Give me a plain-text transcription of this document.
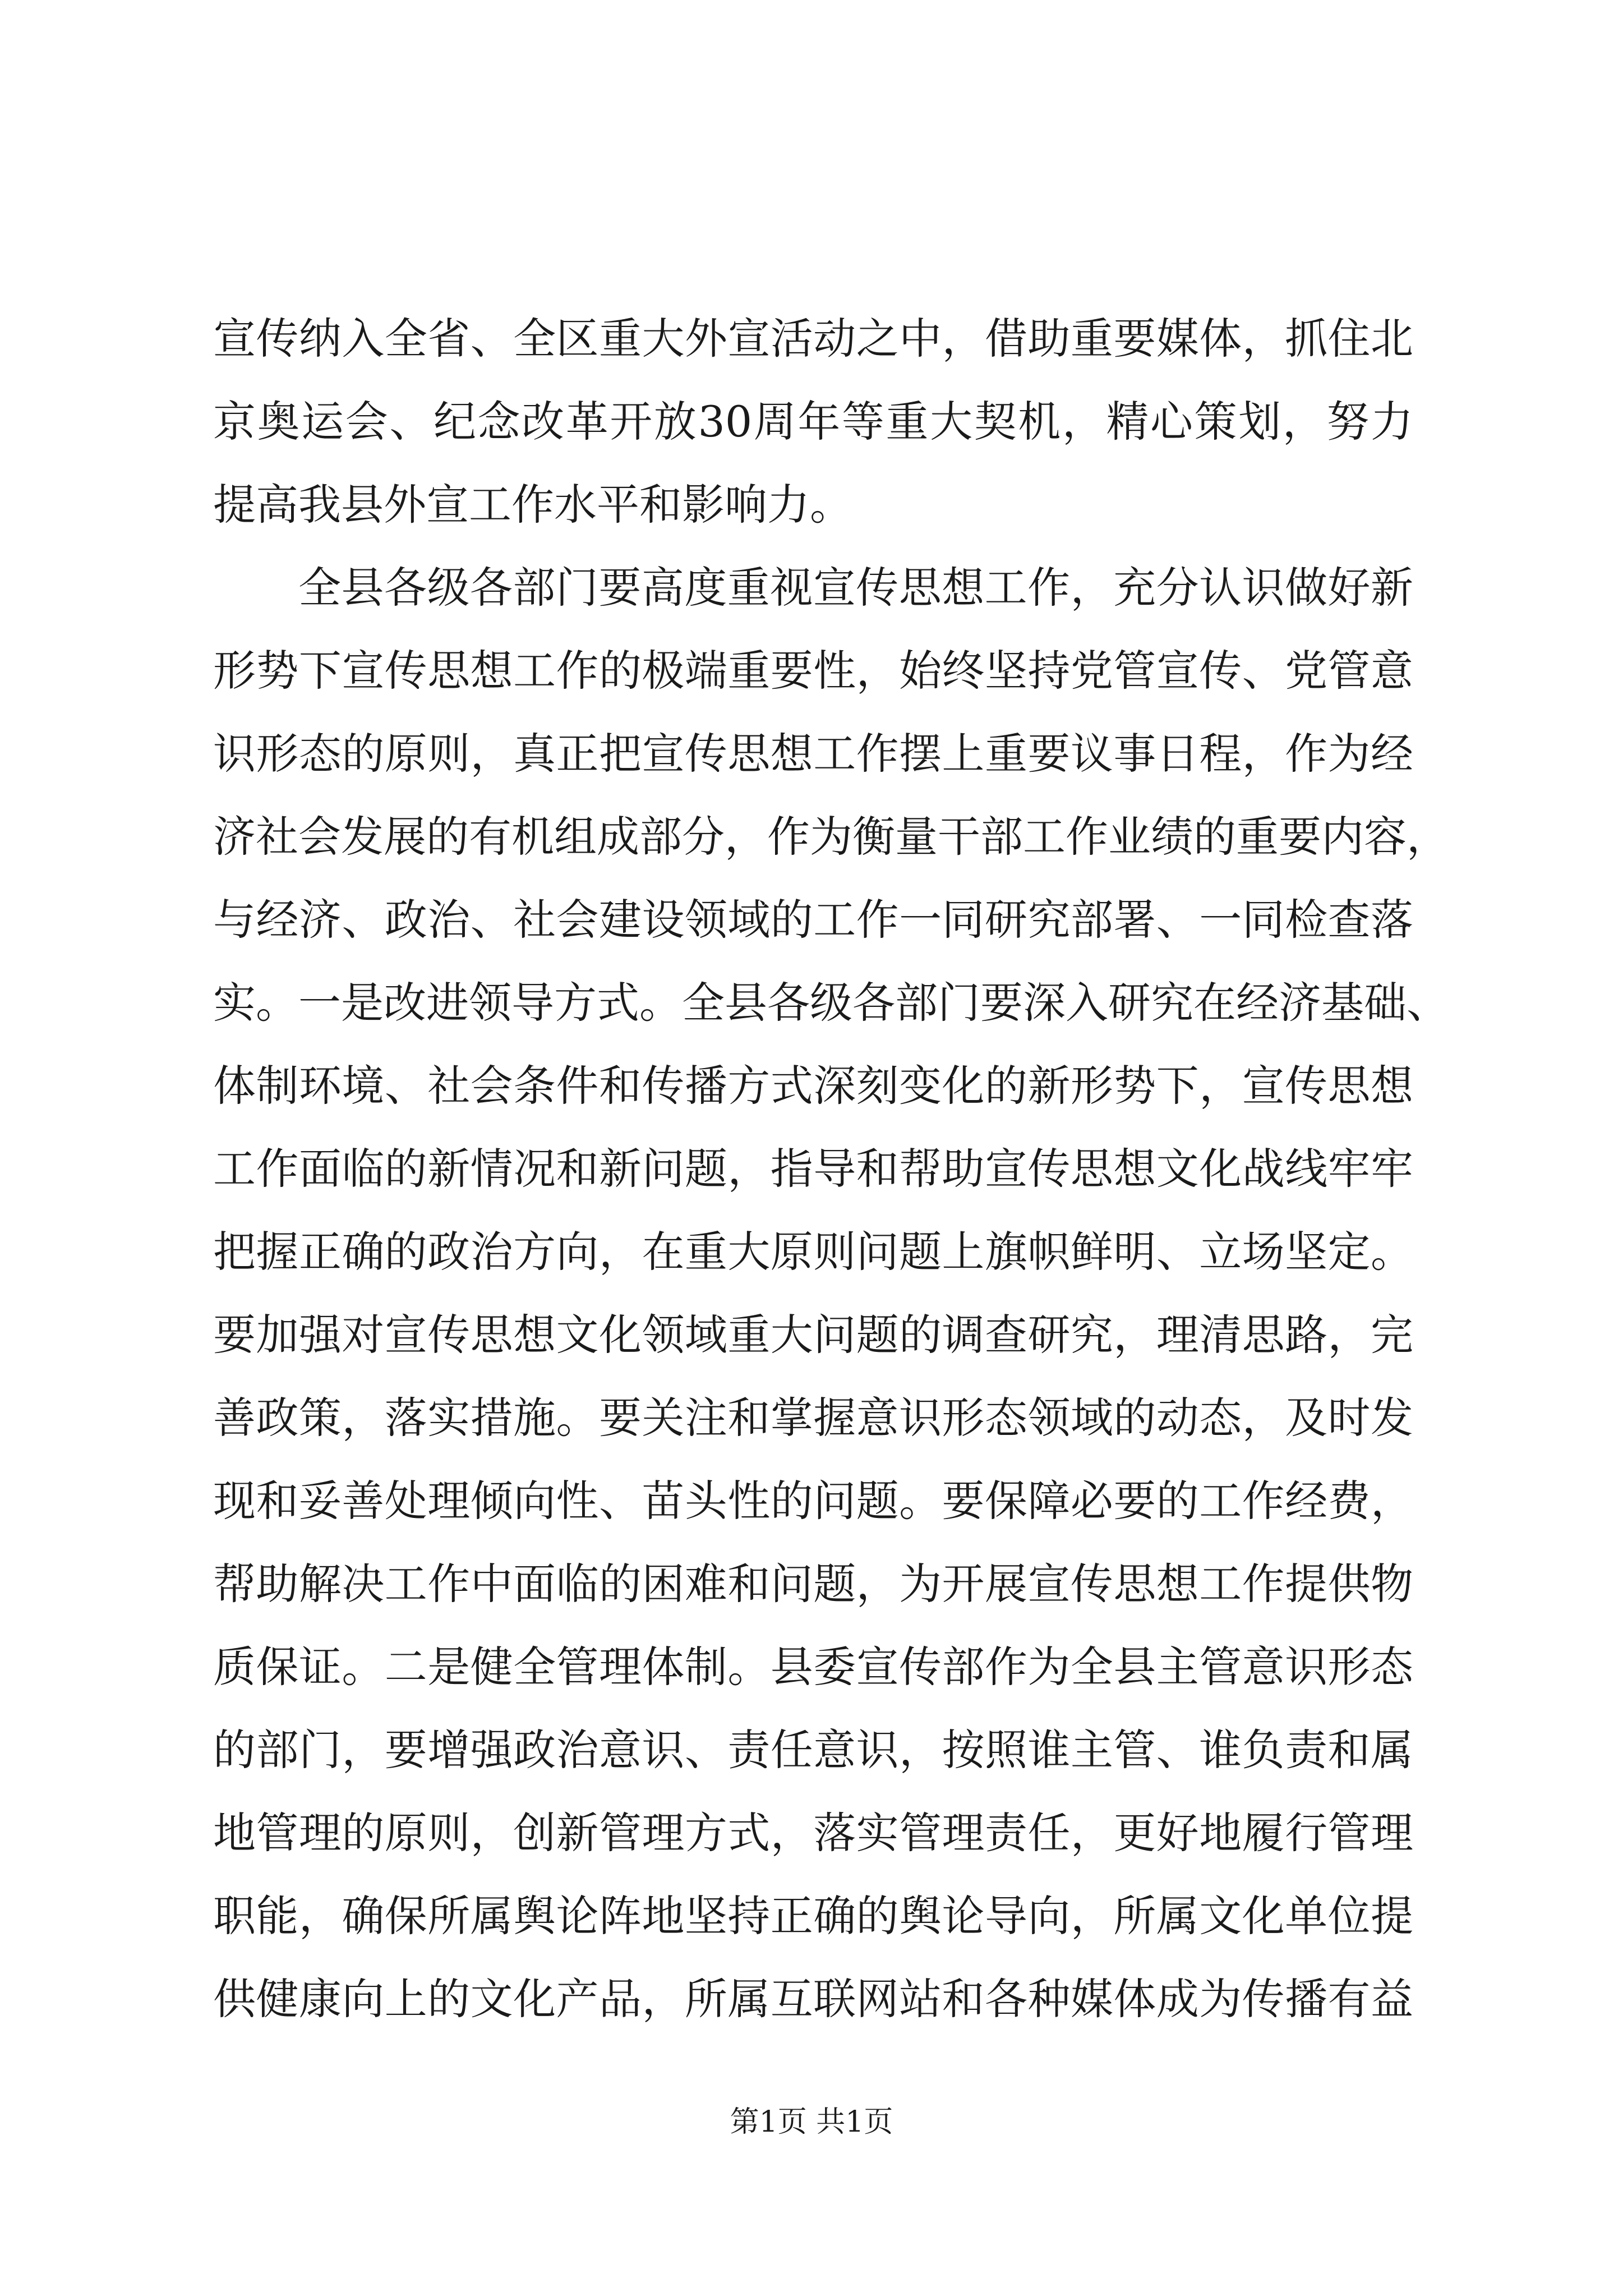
宣传纳入全省、全区重大外宣活动之中，借助重要媒体，抓住北
京奥运会、纪念改革开放30周年等重大契机，精心策划，努力
提高我县外宣工作水平和影响力。
全县各级各部门要高度重视宣传思想工作，充分认识做好新
形势下宣传思想工作的极端重要性，始终坚持党管宣传、党管意
识形态的原则，真正把宣传思想工作摆上重要议事日程，作为经
济社会发展的有机组成部分，作为衡量干部工作业绩的重要内容，
与经济、政治、社会建设领域的工作一同研究部署、一同检查落
实。一是改进领导方式。全县各级各部门要深入研究在经济基础、
体制环境、社会条件和传播方式深刻变化的新形势下，宣传思想
工作面临的新情况和新问题，指导和帮助宣传思想文化战线牢牢
把握正确的政治方向，在重大原则问题上旗帜鲜明、立场坚定。
要加强对宣传思想文化领域重大问题的调查研究，理清思路，完
善政策，落实措施。要关注和掌握意识形态领域的动态，及时发
现和妥善处理倾向性、苗头性的问题。要保障必要的工作经费，
帮助解决工作中面临的困难和问题，为开展宣传思想工作提供物
质保证。二是健全管理体制。县委宣传部作为全县主管意识形态
的部门，要增强政治意识、责任意识，按照谁主管、谁负责和属
地管理的原则，创新管理方式，落实管理责任，更好地履行管理
职能，确保所属舆论阵地坚持正确的舆论导向，所属文化单位提
供健康向上的文化产品，所属互联网站和各种媒体成为传播有益
第1页 共1页
